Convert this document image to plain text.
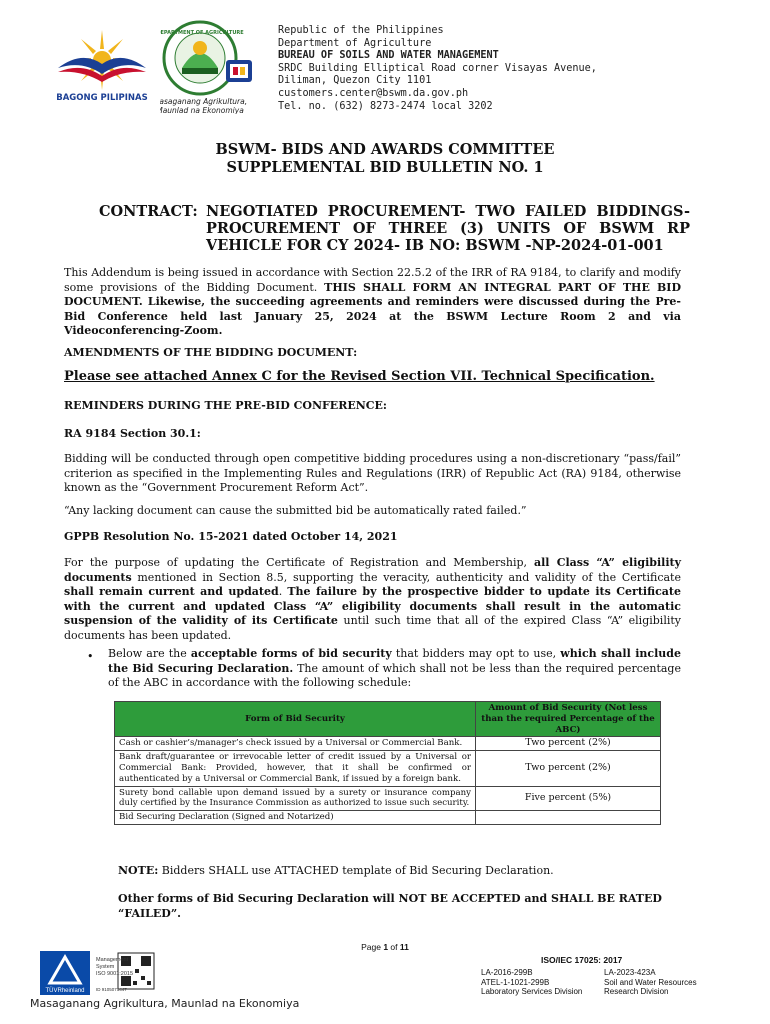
BAGONG PILIPINAS
DEPARTMENT OF AGRICULTURE
Masaganang Agrikultura,
Maunlad na Ekonomiya
Republic of the Philippines
Department of Agriculture
BUREAU OF SOILS AND WATER MANAGEMENT
SRDC Building Elliptical Road corner Visayas Avenue,
Diliman, Quezon City 1101
customers.center@bswm.da.gov.ph
Tel. no. (632) 8273-2474 local 3202
BSWM- BIDS AND AWARDS COMMITTEE
SUPPLEMENTAL BID BULLETIN NO. 1
CONTRACT: NEGOTIATED PROCUREMENT- TWO FAILED BIDDINGS- PROCUREMENT OF THREE (3) UNITS OF BSWM RP VEHICLE FOR CY 2024- IB NO: BSWM -NP-2024-01-001
This Addendum is being issued in accordance with Section 22.5.2 of the IRR of RA 9184, to clarify and modify some provisions of the Bidding Document. THIS SHALL FORM AN INTEGRAL PART OF THE BID DOCUMENT. Likewise, the succeeding agreements and reminders were discussed during the Pre-Bid Conference held last January 25, 2024 at the BSWM Lecture Room 2 and via Videoconferencing-Zoom.
AMENDMENTS OF THE BIDDING DOCUMENT:
Please see attached Annex C for the Revised Section VII. Technical Specification.
REMINDERS DURING THE PRE-BID CONFERENCE:
RA 9184 Section 30.1:
Bidding will be conducted through open competitive bidding procedures using a non-discretionary “pass/fail” criterion as specified in the Implementing Rules and Regulations (IRR) of Republic Act (RA) 9184, otherwise known as the “Government Procurement Reform Act”.
“Any lacking document can cause the submitted bid be automatically rated failed.”
GPPB Resolution No. 15-2021 dated October 14, 2021
For the purpose of updating the Certificate of Registration and Membership, all Class “A” eligibility documents mentioned in Section 8.5, supporting the veracity, authenticity and validity of the Certificate shall remain current and updated. The failure by the prospective bidder to update its Certificate with the current and updated Class “A” eligibility documents shall result in the automatic suspension of the validity of its Certificate until such time that all of the expired Class “A” eligibility documents has been updated.
• Below are the acceptable forms of bid security that bidders may opt to use, which shall include the Bid Securing Declaration. The amount of which shall not be less than the required percentage of the ABC in accordance with the following schedule:
Form of Bid Security	Amount of Bid Security (Not less than the required Percentage of the ABC)
Cash or cashier’s/manager’s check issued by a Universal or Commercial Bank.	Two percent (2%)
Bank draft/guarantee or irrevocable letter of credit issued by a Universal or Commercial Bank: Provided, however, that it shall be confirmed or authenticated by a Universal or Commercial Bank, if issued by a foreign bank.	Two percent (2%)
Surety bond callable upon demand issued by a surety or insurance company duly certified by the Insurance Commission as authorized to issue such security.	Five percent (5%)
Bid Securing Declaration (Signed and Notarized)	
NOTE: Bidders SHALL use ATTACHED template of Bid Securing Declaration.
Other forms of Bid Securing Declaration will NOT BE ACCEPTED and SHALL BE RATED “FAILED”.
Page 1 of 11
TÜVRheinland
Management
System
ISO 9001:2015
ID 9105071447
ISO/IEC 17025: 2017
LA-2016-299B
ATEL-1-1021-299B
Laboratory Services Division
LA-2023-423A
Soil and Water Resources
Research Division
Masaganang Agrikultura, Maunlad na Ekonomiya
